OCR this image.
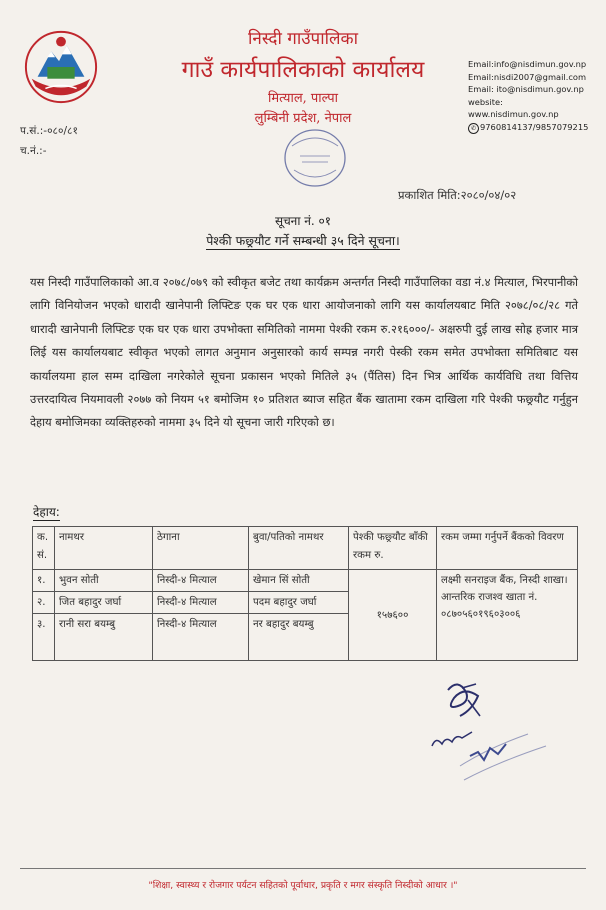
निस्दी गाउँपालिका
गाउँ कार्यपालिकाको कार्यालय
मित्याल, पाल्पा
लुम्बिनी प्रदेश, नेपाल
Email:info@nisdimun.gov.np
Email:nisdi2007@gmail.com
Email: ito@nisdimun.gov.np
website:
www.nisdimun.gov.np
✆ 9760814137/9857079215
प.सं.:-०८०/८१
च.नं.:-
प्रकाशित मिति:२०८०/०४/०२
सूचना नं. ०१
पेश्की फछ्र्यौट गर्ने सम्बन्धी ३५ दिने सूचना।
यस निस्दी गाउँपालिकाको आ.व २०७८/०७९ को स्वीकृत बजेट तथा कार्यक्रम अन्तर्गत निस्दी गाउँपालिका वडा नं.४ मित्याल, भिरपानीको लागि विनियोजन भएको धारादी खानेपानी लिफ्टिङ एक घर एक धारा आयोजनाको लागि यस कार्यालयबाट मिति २०७८/०८/२८ गते धारादी खानेपानी लिफ्टिङ एक घर एक धारा उपभोक्ता समितिको नाममा पेश्की रकम रु.२१६०००/- अक्षरुपी दुई लाख सोह्र हजार मात्र लिई यस कार्यालयबाट स्वीकृत भएको लागत अनुमान अनुसारको कार्य सम्पन्न नगरी पेस्की रकम समेत उपभोक्ता समितिबाट यस कार्यालयमा हाल सम्म दाखिला नगरेकोले सूचना प्रकासन भएको मितिले ३५ (पैंतिस) दिन भित्र आर्थिक कार्यविधि तथा वित्तिय उत्तरदायित्व नियमावली २०७७ को नियम ५१ बमोजिम १० प्रतिशत ब्याज सहित बैंक खातामा रकम दाखिला गरि पेश्की फछ्र्यौट गर्नुहुन देहाय बमोजिमका व्यक्तिहरुको नाममा ३५ दिने यो सूचना जारी गरिएको छ।
देहाय:
क. सं.	नामथर	ठेगाना	बुवा/पतिको नामथर	पेश्की फछ्र्यौट बाँकी रकम रु.	रकम जम्मा गर्नुपर्ने बैंकको विवरण
१.	भुवन सोती	निस्दी-४ मित्याल	खेमान सिं सोती	१५७६००	लक्ष्मी सनराइज बैंक, निस्दी शाखा।
आन्तरिक राजश्व खाता नं. ०८७०५६०१९६०३००६

२.	जित बहादुर जर्घा	निस्दी-४ मित्याल	पदम बहादुर जर्घा		
३.	रानी सरा बयम्बु	निस्दी-४ मित्याल	नर बहादुर बयम्बु		
"शिक्षा, स्वास्थ्य र रोजगार पर्यटन सहितको पूर्वाधार, प्रकृति र मगर संस्कृति निस्दीको आधार ।"
